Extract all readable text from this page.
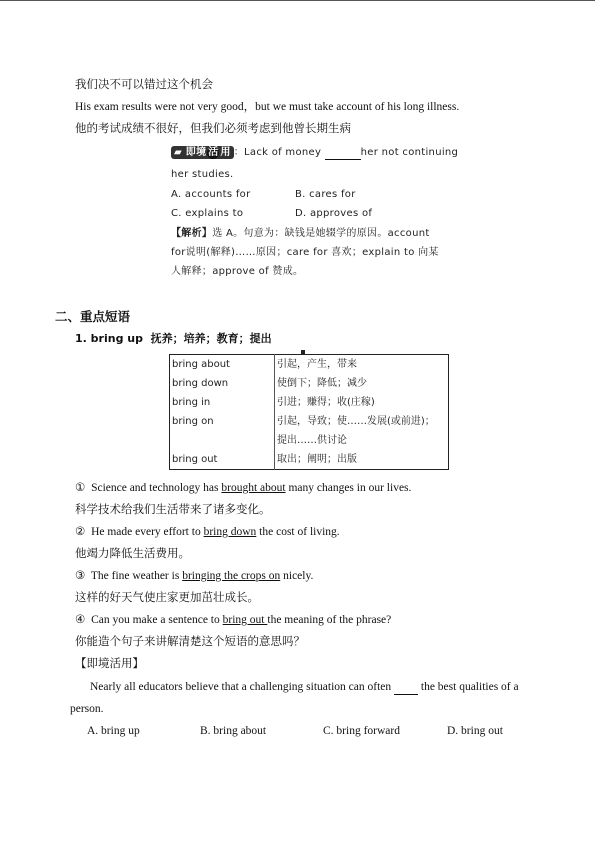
我们决不可以错过这个机会
His exam results were not very good，but we must take account of his long illness.
他的考试成绩不很好，但我们必须考虑到他曾长期生病
▰ 即境 活 用 ：Lack of money	her not continuing
her studies.
A. accounts for	B. cares for
C. explains to	D. approves of
【解析】选 A。句意为：缺钱是她辍学的原因。account
for说明(解释)……原因；care for 喜欢；explain to 向某
人解释；approve of 赞成。
二、重点短语
1. bring up 抚养；培养；教育；提出
bring about	引起，产生，带来
bring down	使倒下；降低；减少
bring in	引进；赚得；收(庄稼)
bring on	引起，导致；使……发展(或前进)；
	提出……供讨论
bring out	取出；阐明；出版
① Science and technology has brought about many changes in our lives.
科学技术给我们生活带来了诸多变化。
② He made every effort to bring down the cost of living.
他竭力降低生活费用。
③ The fine weather is bringing the crops on nicely.
这样的好天气使庄家更加茁壮成长。
④ Can you make a sentence to bring out the meaning of the phrase?
你能造个句子来讲解清楚这个短语的意思吗？
【即境活用】
Nearly all educators believe that a challenging situation can often	the best qualities of a
person.
A. bring up	B. bring about	C. bring forward	D. bring out
